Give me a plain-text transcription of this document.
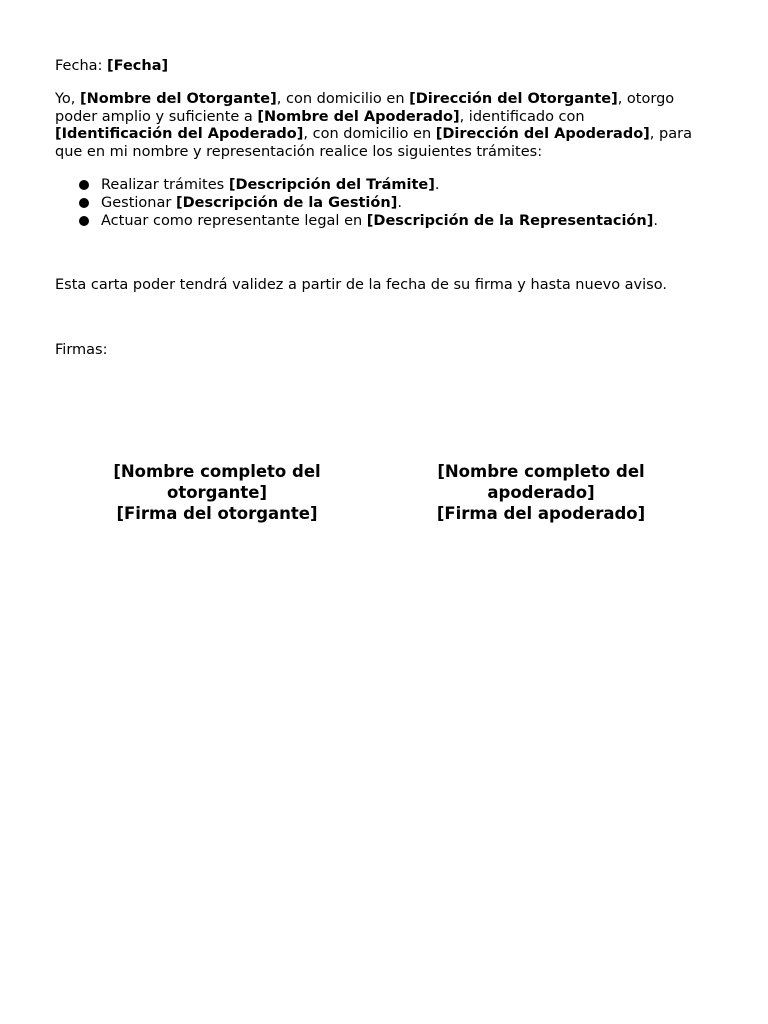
Fecha: [Fecha]

Yo, [Nombre del Otorgante], con domicilio en [Dirección del Otorgante], otorgo poder amplio y suficiente a [Nombre del Apoderado], identificado con
[Identificación del Apoderado], con domicilio en [Dirección del Apoderado], para que en mi nombre y representación realice los siguientes trámites:

Realizar trámites [Descripción del Trámite].
Gestionar [Descripción de la Gestión].
Actuar como representante legal en [Descripción de la Representación].

Esta carta poder tendrá validez a partir de la fecha de su firma y hasta nuevo aviso.

Firmas:

[Nombre completo del
otorgante]
[Firma del otorgante]
[Nombre completo del
apoderado]
[Firma del apoderado]
